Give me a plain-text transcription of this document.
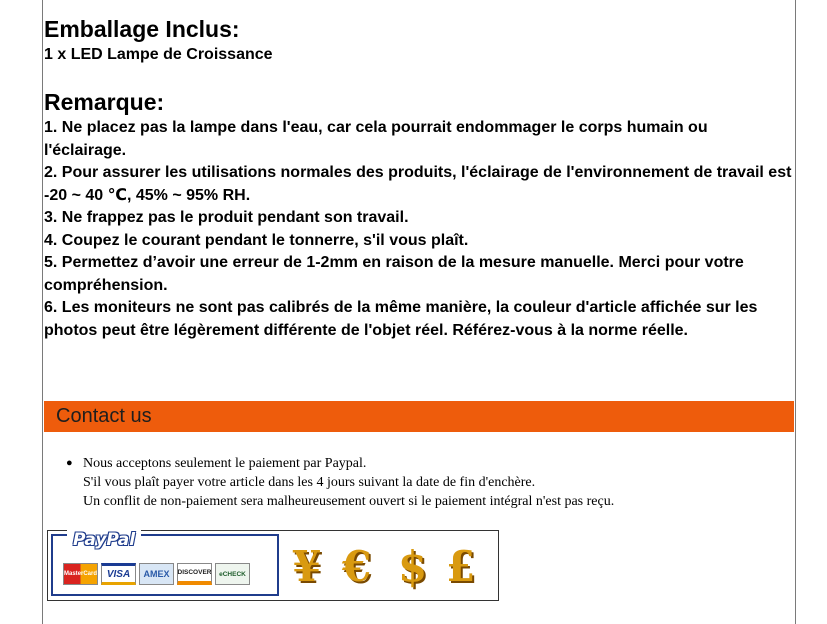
Emballage Inclus:
1 x LED Lampe de Croissance
Remarque:

1. Ne placez pas la lampe dans l'eau, car cela pourrait endommager le corps humain ou l'éclairage.

2. Pour assurer les utilisations normales des produits, l'éclairage de l'environnement de travail est -20 ~ 40 ℃, 45% ~ 95% RH.

3. Ne frappez pas le produit pendant son travail.

4. Coupez le courant pendant le tonnerre, s'il vous plaît.

5. Permettez d’avoir une erreur de 1-2mm en raison de la mesure manuelle. Merci pour votre compréhension.

6. Les moniteurs ne sont pas calibrés de la même manière, la couleur d'article affichée sur les photos peut être légèrement différente de l'objet réel. Référez-vous à la norme réelle.

Contact us
● Nous acceptons seulement le paiement par Paypal.
S'il vous plaît payer votre article dans les 4 jours suivant la date de fin d'enchère.
Un conflit de non-paiement sera malheureusement ouvert si le paiement intégral n'est pas reçu.
PayPal
MasterCard VISA	AMEX	DISCOVER	eCHECK ¥ € $ £
